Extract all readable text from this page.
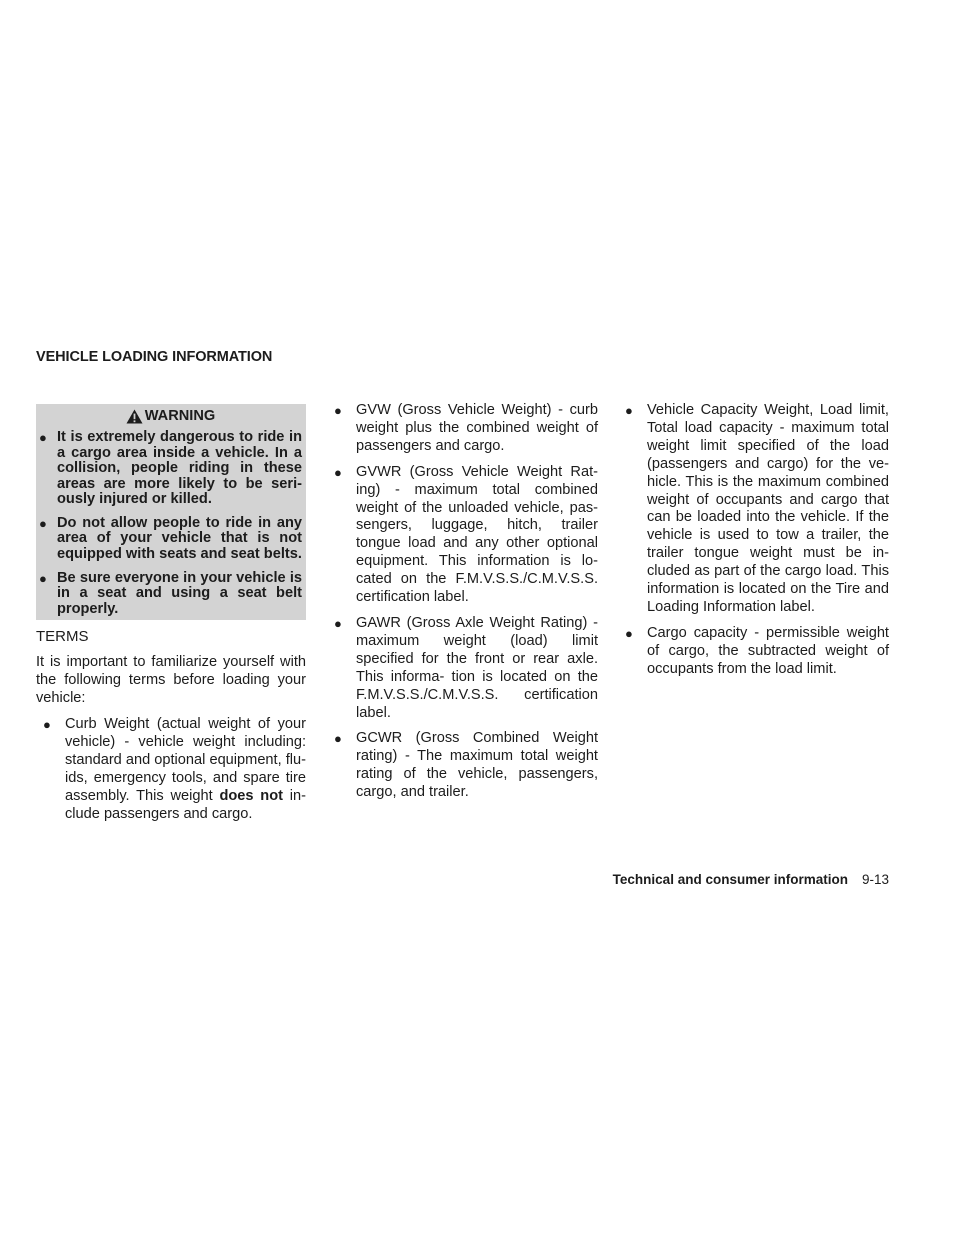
VEHICLE LOADING INFORMATION
WARNING
● It is extremely dangerous to ride in a cargo area inside a vehicle. In a collision, people riding in these areas are more likely to be seri- ously injured or killed.
● Do not allow people to ride in any area of your vehicle that is not equipped with seats and seat belts.
● Be sure everyone in your vehicle is in a seat and using a seat belt properly.
TERMS
It is important to familiarize yourself with the following terms before loading your vehicle:
● Curb Weight (actual weight of your vehicle) - vehicle weight including: standard and optional equipment, flu- ids, emergency tools, and spare tire assembly. This weight does not in- clude passengers and cargo.
● GVW (Gross Vehicle Weight) - curb weight plus the combined weight of passengers and cargo.
● GVWR (Gross Vehicle Weight Rat- ing) - maximum total combined weight of the unloaded vehicle, pas- sengers, luggage, hitch, trailer tongue load and any other optional equipment. This information is lo- cated on the F.M.V.S.S./C.M.V.S.S. certification label.
● GAWR (Gross Axle Weight Rating) - maximum weight (load) limit specified for the front or rear axle. This informa- tion is located on the F.M.V.S.S./C.M.V.S.S. certification label.
● GCWR (Gross Combined Weight rating) - The maximum total weight rating of the vehicle, passengers, cargo, and trailer.
● Vehicle Capacity Weight, Load limit, Total load capacity - maximum total weight limit specified of the load (passengers and cargo) for the ve- hicle. This is the maximum combined weight of occupants and cargo that can be loaded into the vehicle. If the vehicle is used to tow a trailer, the trailer tongue weight must be in- cluded as part of the cargo load. This information is located on the Tire and Loading Information label.
● Cargo capacity - permissible weight of cargo, the subtracted weight of occupants from the load limit.
Technical and consumer information 9-13
